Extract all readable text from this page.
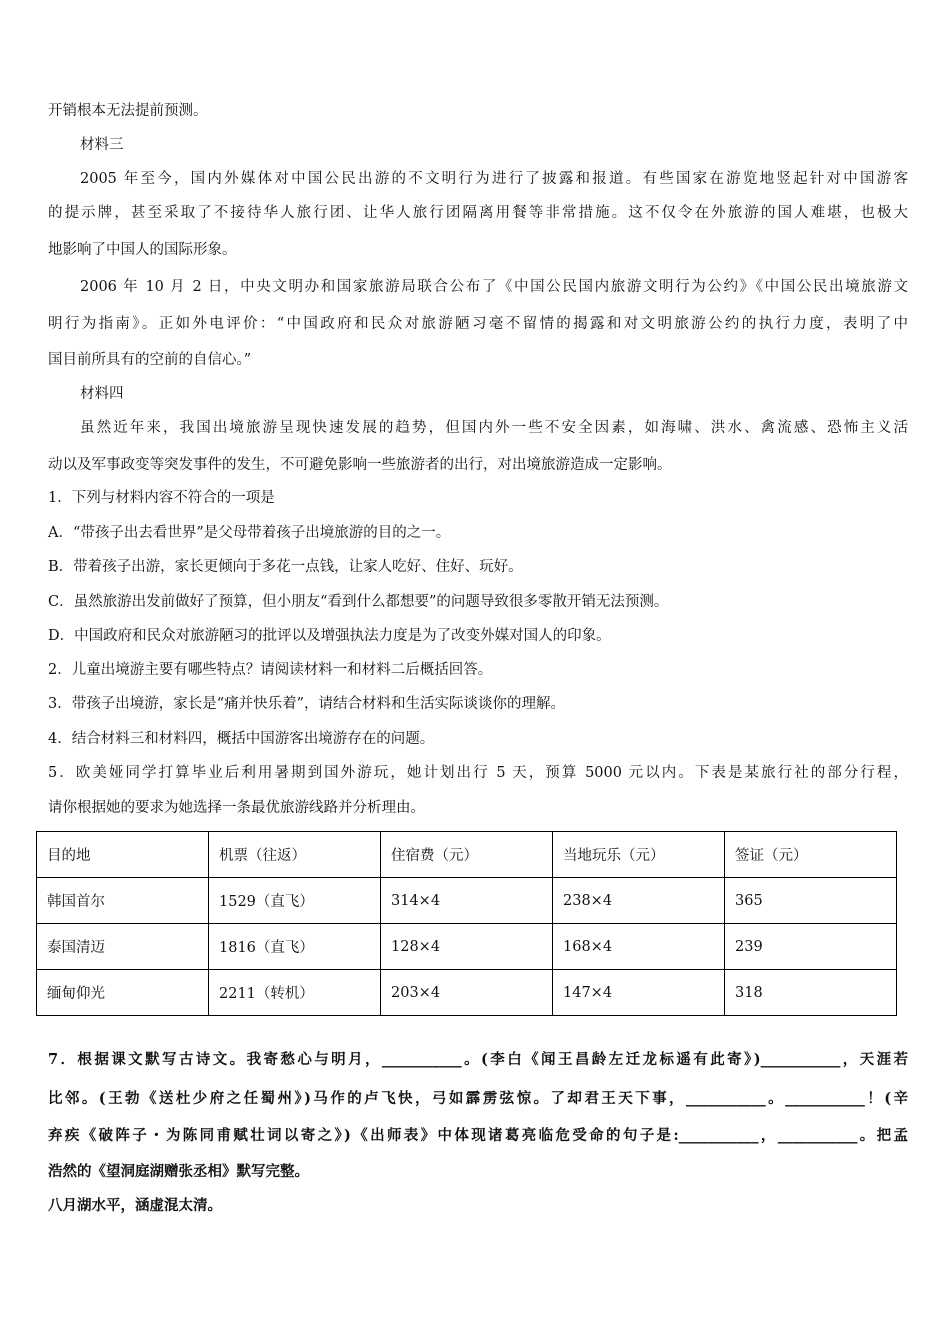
开销根本无法提前预测。
材料三
2005 年至今，国内外媒体对中国公民出游的不文明行为进行了披露和报道。有些国家在游览地竖起针对中国游客
的提示牌，甚至采取了不接待华人旅行团、让华人旅行团隔离用餐等非常措施。这不仅令在外旅游的国人难堪，也极大
地影响了中国人的国际形象。
2006 年 10 月 2 日，中央文明办和国家旅游局联合公布了《中国公民国内旅游文明行为公约》《中国公民出境旅游文
明行为指南》。正如外电评价：“中国政府和民众对旅游陋习毫不留情的揭露和对文明旅游公约的执行力度，表明了中
国目前所具有的空前的自信心。”
材料四
虽然近年来，我国出境旅游呈现快速发展的趋势，但国内外一些不安全因素，如海啸、洪水、禽流感、恐怖主义活
动以及军事政变等突发事件的发生，不可避免影响一些旅游者的出行，对出境旅游造成一定影响。
1．下列与材料内容不符合的一项是
A．“带孩子出去看世界”是父母带着孩子出境旅游的目的之一。
B．带着孩子出游，家长更倾向于多花一点钱，让家人吃好、住好、玩好。
C．虽然旅游出发前做好了预算，但小朋友“看到什么都想要”的问题导致很多零散开销无法预测。
D．中国政府和民众对旅游陋习的批评以及增强执法力度是为了改变外媒对国人的印象。
2．儿童出境游主要有哪些特点？请阅读材料一和材料二后概括回答。
3．带孩子出境游，家长是“痛并快乐着”，请结合材料和生活实际谈谈你的理解。
4．结合材料三和材料四，概括中国游客出境游存在的问题。
5．欧美娅同学打算毕业后利用暑期到国外游玩，她计划出行 5 天，预算 5000 元以内。下表是某旅行社的部分行程，
请你根据她的要求为她选择一条最优旅游线路并分析理由。
目的地	机票（往返）	住宿费（元）	当地玩乐（元）	签证（元）
韩国首尔	1529（直飞）	314×4	238×4	365
泰国清迈	1816（直飞）	128×4	168×4	239
缅甸仰光	2211（转机）	203×4	147×4	318
7．根据课文默写古诗文。我寄愁心与明月，___________。(李白《闻王昌龄左迁龙标遥有此寄》)___________，天涯若
比邻。(王勃《送杜少府之任蜀州》)马作的卢飞快，弓如霹雳弦惊。了却君王天下事，___________。___________！(辛
弃疾《破阵子・为陈同甫赋壮词以寄之》)《出师表》中体现诸葛亮临危受命的句子是:___________，___________。把孟
浩然的《望洞庭湖赠张丞相》默写完整。
八月湖水平，涵虚混太清。
